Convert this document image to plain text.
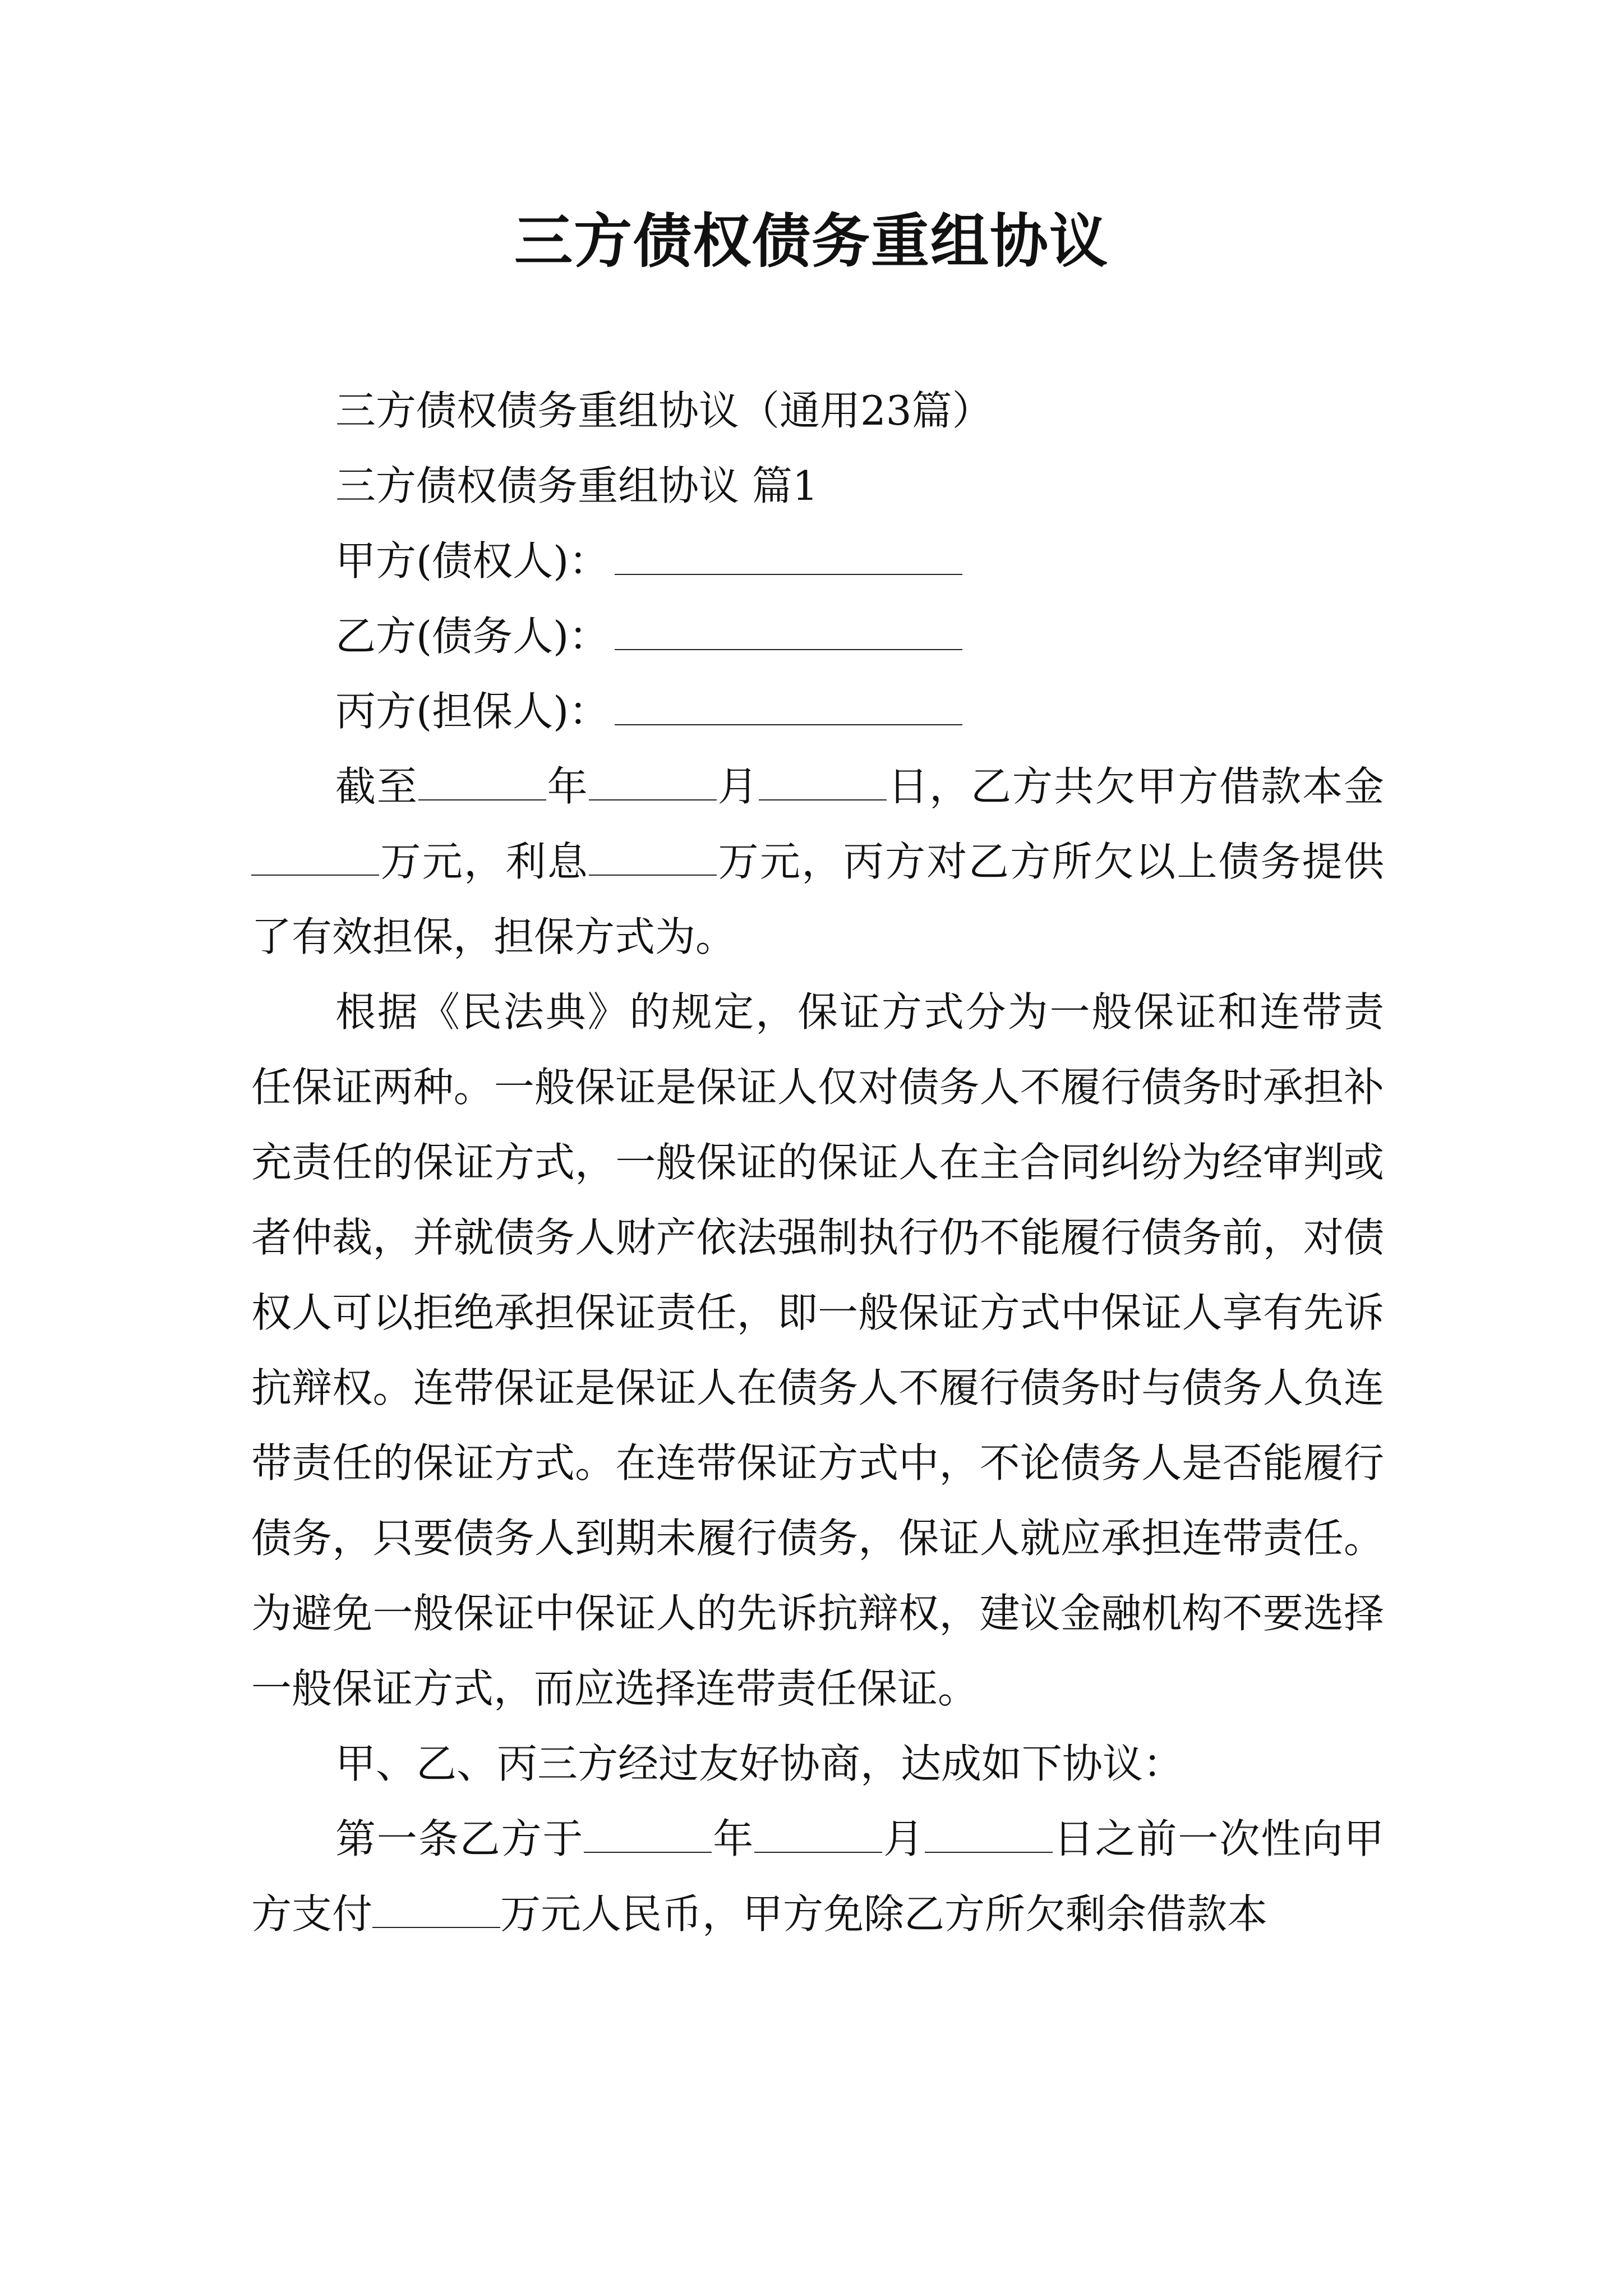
三方债权债务重组协议

三方债权债务重组协议（通用23篇）

三方债权债务重组协议 篇1

甲方(债权人)：

乙方(债务人)：

丙方(担保人)：

截至	年	月	日，乙方共欠甲方借款本金万元，利息	万元，丙方对乙方所欠以上债务提供了有效担保，担保方式为。

根据《民法典》的规定，保证方式分为一般保证和连带责任保证两种。一般保证是保证人仅对债务人不履行债务时承担补充责任的保证方式，一般保证的保证人在主合同纠纷为经审判或者仲裁，并就债务人财产依法强制执行仍不能履行债务前，对债权人可以拒绝承担保证责任，即一般保证方式中保证人享有先诉抗辩权。连带保证是保证人在债务人不履行债务时与债务人负连带责任的保证方式。在连带保证方式中，不论债务人是否能履行债务，只要债务人到期未履行债务，保证人就应承担连带责任。为避免一般保证中保证人的先诉抗辩权，建议金融机构不要选择一般保证方式，而应选择连带责任保证。

甲、乙、丙三方经过友好协商，达成如下协议：

第一条乙方于	年	月	日之前一次性向甲方支付	万元人民币，甲方免除乙方所欠剩余借款本
